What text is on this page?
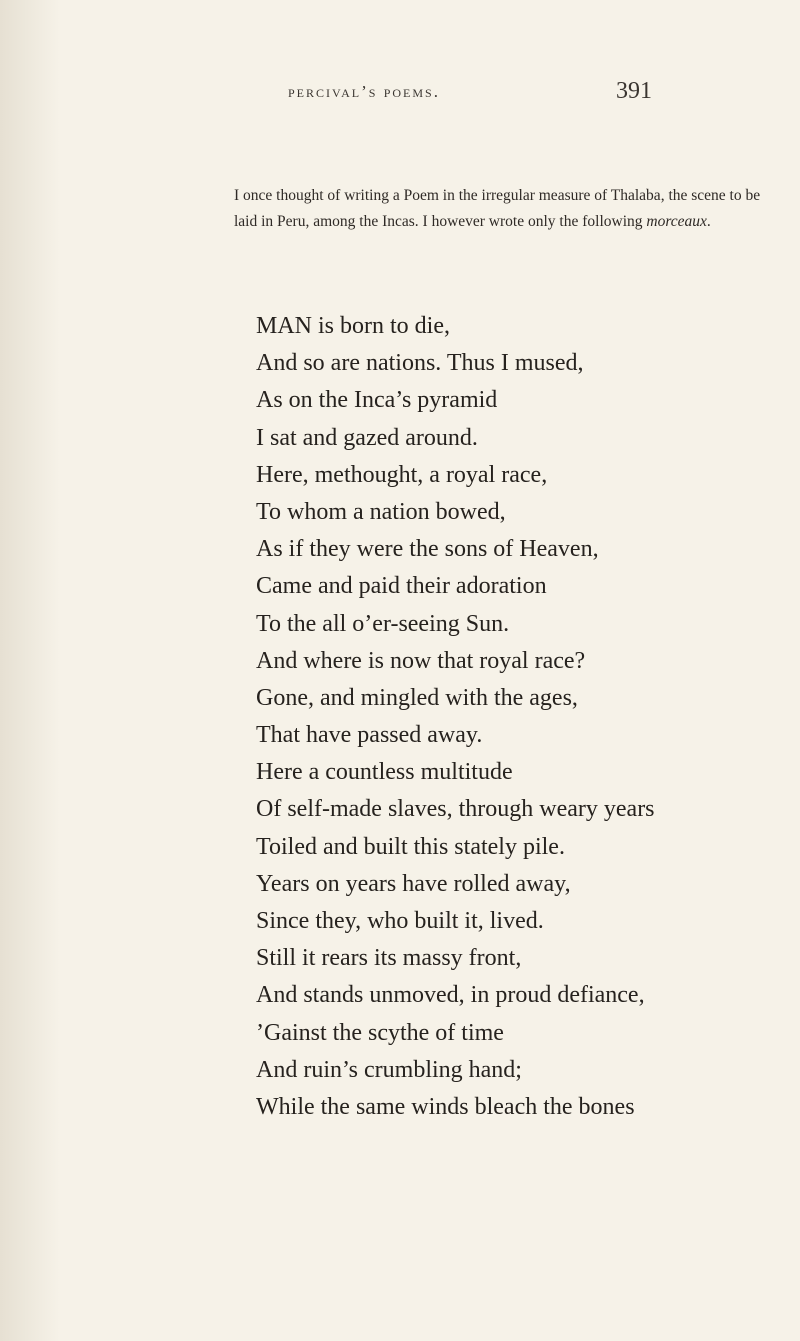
percival’s poems.	391
I once thought of writing a Poem in the irregular measure of Thalaba, the scene to be laid in Peru, among the Incas. I however wrote only the following morceaux.
MAN is born to die,
And so are nations. Thus I mused,
As on the Inca’s pyramid
I sat and gazed around.
Here, methought, a royal race,
To whom a nation bowed,
As if they were the sons of Heaven,
Came and paid their adoration
To the all o’er-seeing Sun.
And where is now that royal race?
Gone, and mingled with the ages,
That have passed away.
Here a countless multitude
Of self-made slaves, through weary years
Toiled and built this stately pile.
Years on years have rolled away,
Since they, who built it, lived.
Still it rears its massy front,
And stands unmoved, in proud defiance,
’Gainst the scythe of time
And ruin’s crumbling hand;
While the same winds bleach the bones
